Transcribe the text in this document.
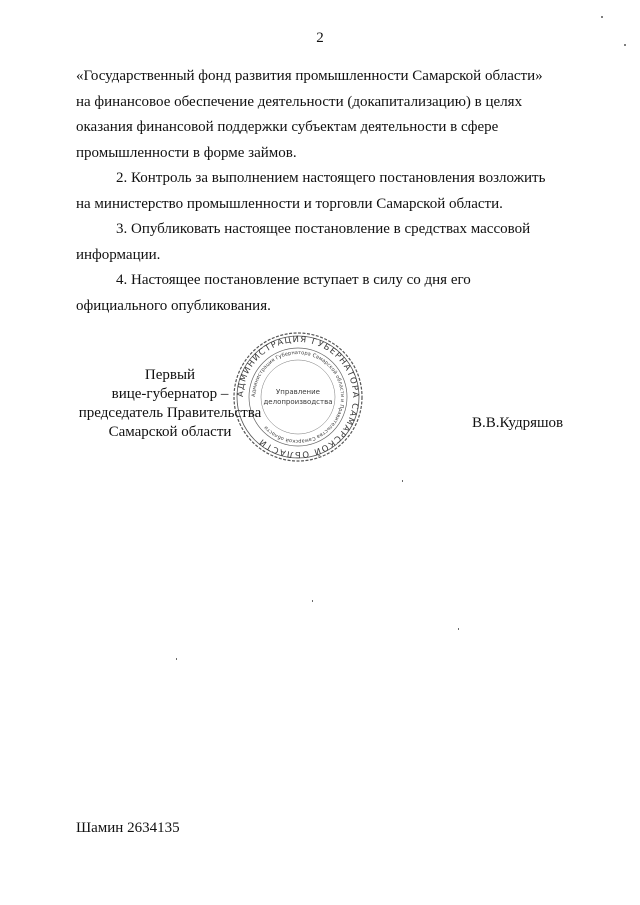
2

«Государственный фонд развития промышленности Самарской области»

на финансовое обеспечение деятельности (докапитализацию) в целях

оказания финансовой поддержки субъектам деятельности в сфере

промышленности в форме займов.

2. Контроль за выполнением настоящего постановления возложить

на министерство промышленности и торговли Самарской области.

3. Опубликовать настоящее постановление в средствах массовой

информации.

4. Настоящее постановление вступает в силу со дня его

официального опубликования.

АДМИНИСТРАЦИЯ ГУБЕРНАТОРА САМАРСКОЙ ОБЛАСТИ
Администрация Губернатора Самарской области и Правительства Самарской области
Управление
делопроизводства
Первый
вице-губернатор –
председатель Правительства
Самарской области
В.В.Кудряшов
Шамин 2634135
